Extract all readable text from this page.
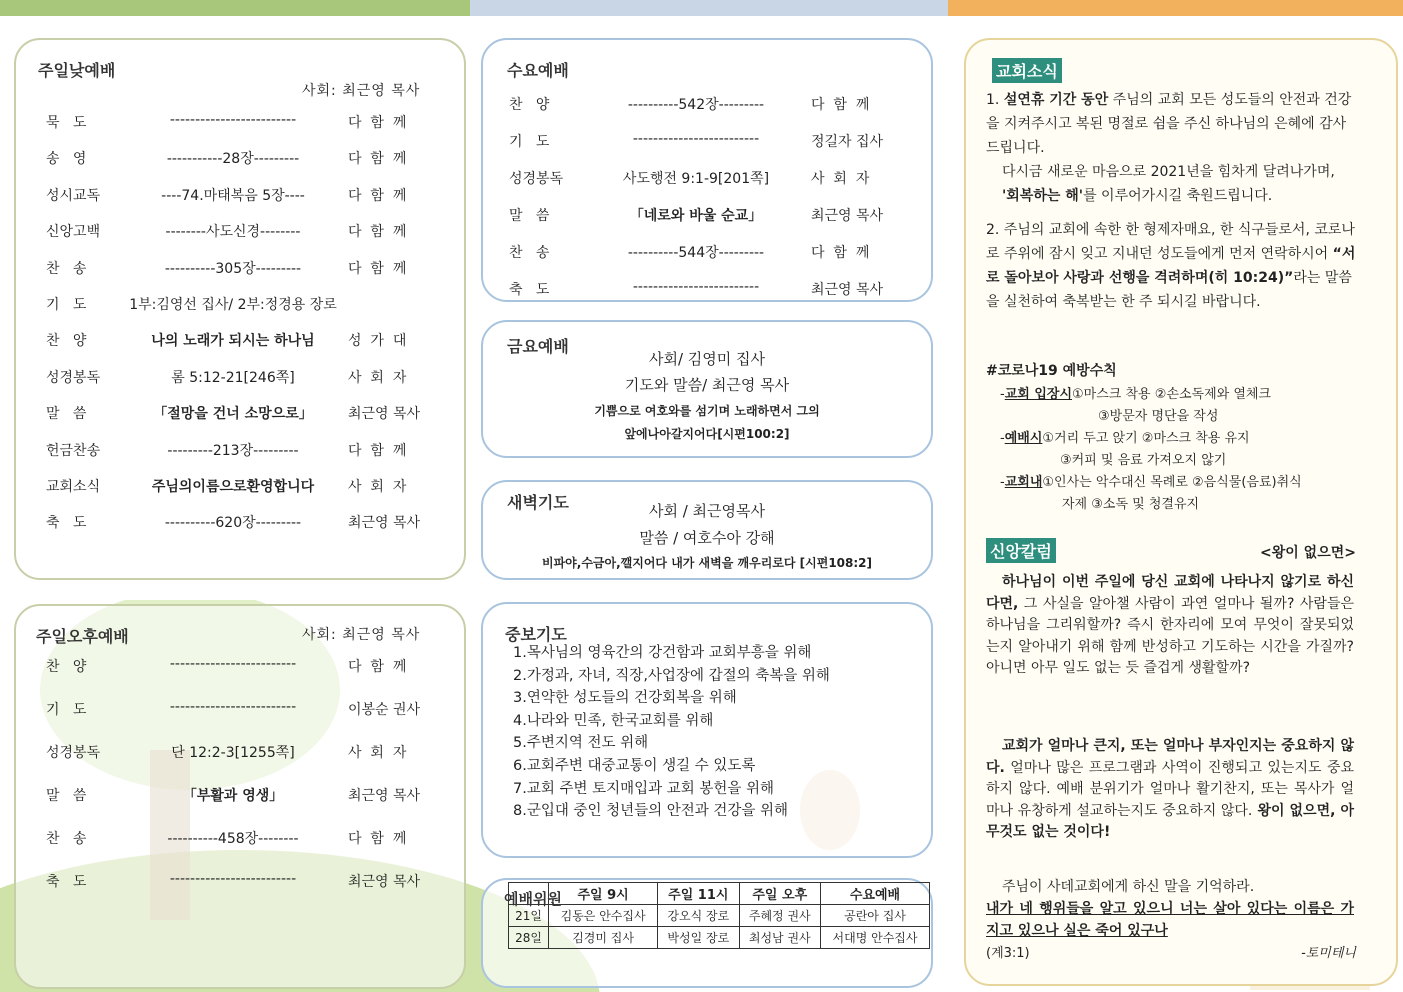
주일낮예배
사회: 최근영 목사
묵   도	-------------------------	다  함  께
송   영	-----------28장---------	다  함  께
성시교독	----74.마태복음 5장----	다  함  께
신앙고백	--------사도신경--------	다  함  께
찬   송	----------305장---------	다  함  께
기   도	1부:김영선 집사/ 2부:정경용 장로
찬   양	나의 노래가 되시는 하나님	성  가  대
성경봉독	롬 5:12-21[246쪽]	사  회  자
말   씀	「절망을 건너 소망으로」	최근영 목사
헌금찬송	---------213장---------	다  함  께
교회소식	주님의이름으로환영합니다	사  회  자
축   도	----------620장---------	최근영 목사
주일오후예배	사회: 최근영 목사
찬   양	-------------------------	다  함  께
기   도	-------------------------	이봉순 권사
성경봉독	단 12:2-3[1255쪽]	사  회  자
말   씀	「부활과 영생」	최근영 목사
찬   송	----------458장--------	다  함  께
축   도	-------------------------	최근영 목사
수요예배
찬   양	----------542장---------	다  함  께
기   도	-------------------------	정길자 집사
성경봉독	사도행전 9:1-9[201쪽]	사  회  자
말   씀	「네로와 바울 순교」	최근영 목사
찬   송	----------544장---------	다  함  께
축   도	-------------------------	최근영 목사
금요예배
사회/ 김영미 집사
기도와 말씀/ 최근영 목사
기쁨으로 여호와를 섬기며 노래하면서 그의
앞에나아갈지어다[시편100:2]
새벽기도	사회 / 최근영목사
말씀 / 여호수아 강해
비파야,수금아,깰지어다 내가 새벽을 깨우리로다 [시편108:2]
중보기도
1.목사님의 영육간의 강건함과 교회부흥을 위해
2.가정과, 자녀, 직장,사업장에 갑절의 축복을 위해
3.연약한 성도들의 건강회복을 위해
4.나라와 민족, 한국교회를 위해
5.주변지역 전도 위해
6.교회주변 대중교통이 생길 수 있도록
7.교회 주변 토지매입과 교회 봉헌을 위해
8.군입대 중인 청년들의 안전과 건강을 위해
예배위원
	주일 9시	주일 11시	주일 오후	수요예배
21일	김동은 안수집사	강오식 장로	주혜정 권사	공란아 집사
28일	김경미 집사	박성일 장로	최성남 권사	서대명 안수집사
교회소식

1. 설연휴 기간 동안 주님의 교회 모든 성도들의 안전과 건강을 지켜주시고 복된 명절로 쉼을 주신 하나님의 은혜에 감사드립니다.

다시금 새로운 마음으로 2021년을 힘차게 달려나가며, '회복하는 해'를 이루어가시길 축원드립니다.

2. 주님의 교회에 속한 한 형제자매요, 한 식구들로서, 코로나로 주위에 잠시 잊고 지내던 성도들에게 먼저 연락하시어 “서로 돌아보아 사랑과 선행을 격려하며(히 10:24)”라는 말씀을 실천하여 축복받는 한 주 되시길 바랍니다.

#코로나19 예방수칙
-교회 입장시①마스크 착용 ②손소독제와 열체크
③방문자 명단을 작성
-예배시①거리 두고 앉기 ②마스크 착용 유지
③커피 및 음료 가져오지 않기
-교회내①인사는 악수대신 목례로 ②음식물(음료)취식
자제 ③소독 및 청결유지
신앙칼럼	<왕이 없으면>
하나님이 이번 주일에 당신 교회에 나타나지 않기로 하신다면, 그 사실을 알아챌 사람이 과연 얼마나 될까? 사람들은 하나님을 그리워할까? 즉시 한자리에 모여 무엇이 잘못되었는지 알아내기 위해 함께 반성하고 기도하는 시간을 가질까? 아니면 아무 일도 없는 듯 즐겁게 생활할까?
교회가 얼마나 큰지, 또는 얼마나 부자인지는 중요하지 않다. 얼마나 많은 프로그램과 사역이 진행되고 있는지도 중요하지 않다. 예배 분위기가 얼마나 활기찬지, 또는 목사가 얼마나 유창하게 설교하는지도 중요하지 않다. 왕이 없으면, 아무것도 없는 것이다!
주님이 사데교회에게 하신 말을 기억하라.
내가 네 행위들을 알고 있으니 너는 살아 있다는 이름은 가지고 있으나 실은 죽어 있구나
(계3:1)	-토미테니
